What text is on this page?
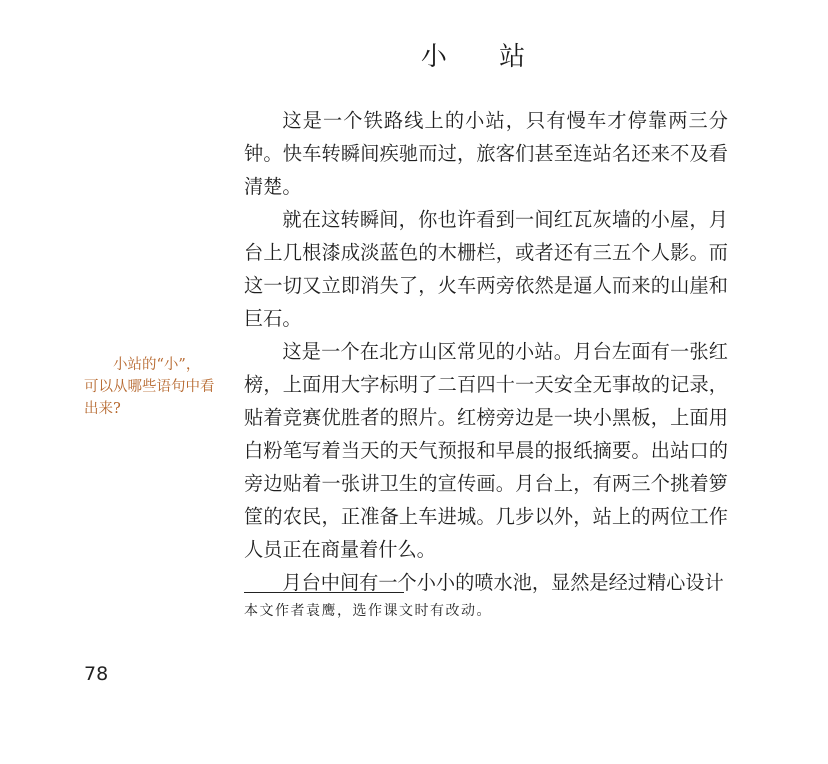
小 站

这是一个铁路线上的小站，只有慢车才停靠两三分钟。快车转瞬间疾驰而过，旅客们甚至连站名还来不及看清楚。

就在这转瞬间，你也许看到一间红瓦灰墙的小屋，月台上几根漆成淡蓝色的木栅栏，或者还有三五个人影。而这一切又立即消失了，火车两旁依然是逼人而来的山崖和巨石。

这是一个在北方山区常见的小站。月台左面有一张红榜，上面用大字标明了二百四十一天安全无事故的记录，贴着竞赛优胜者的照片。红榜旁边是一块小黑板，上面用白粉笔写着当天的天气预报和早晨的报纸摘要。出站口的旁边贴着一张讲卫生的宣传画。月台上，有两三个挑着箩筐的农民，正准备上车进城。几步以外，站上的两位工作人员正在商量着什么。

月台中间有一个小小的喷水池，显然是经过精心设计

小站的“小”，
可以从哪些语句中看出来?
本文作者袁鹰，选作课文时有改动。
78
